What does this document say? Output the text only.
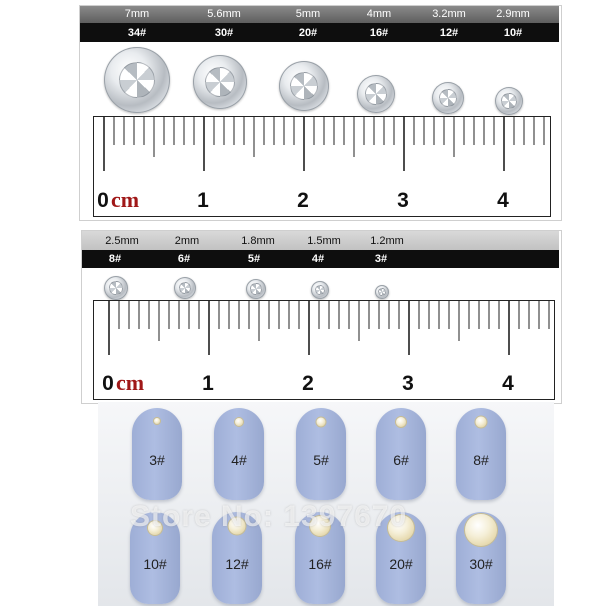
7mm	5.6mm	5mm	4mm	3.2mm	2.9mm
34#	30#	20#	16#	12#	10#
0 cm	1	2	3	4
2.5mm	2mm	1.8mm	1.5mm	1.2mm
8#	6#	5#	4#	3#
0 cm	1	2	3	4
3#	4#	5#	6#	8#
10#	12#	16#	20#	30#
Store No: 1397670
